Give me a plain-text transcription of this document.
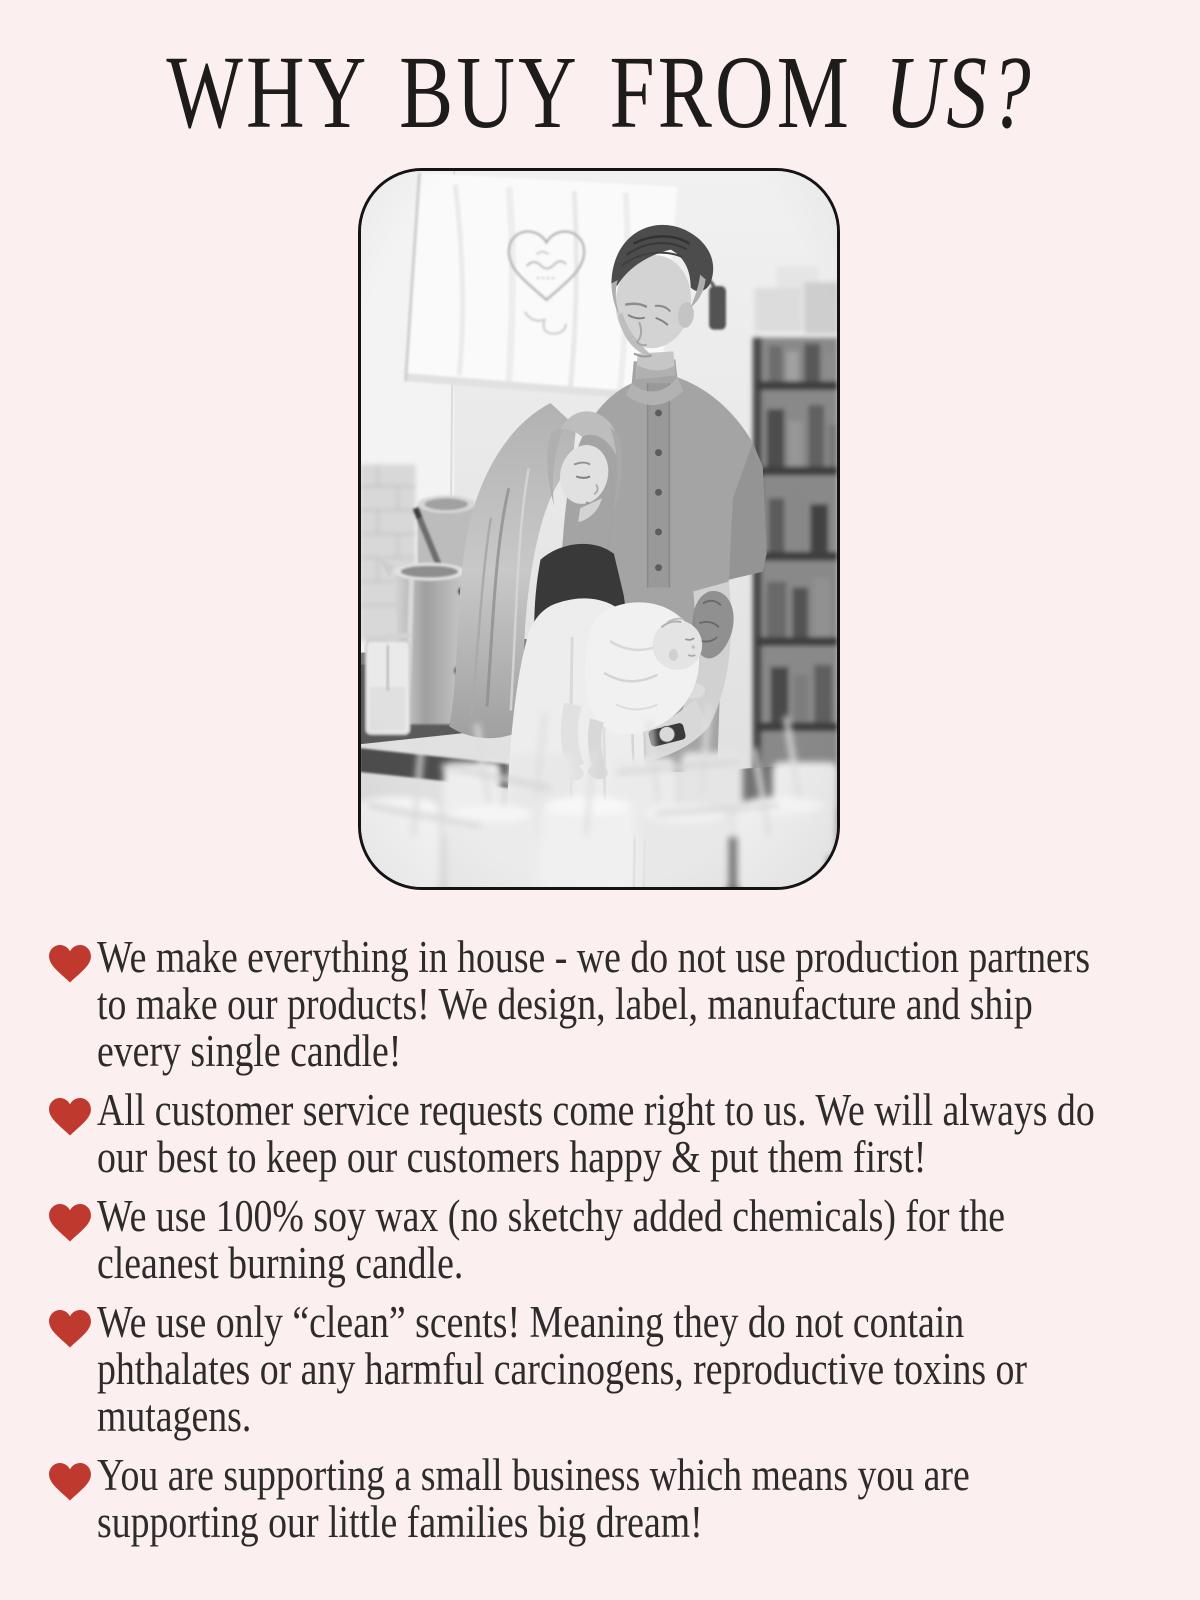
WHY BUY FROM US?
We make everything in house - we do not use production partners
to make our products! We design, label, manufacture and ship
every single candle!
All customer service requests come right to us. We will always do
our best to keep our customers happy & put them first!
We use 100% soy wax (no sketchy added chemicals) for the
cleanest burning candle.
We use only “clean” scents! Meaning they do not contain
phthalates or any harmful carcinogens, reproductive toxins or
mutagens.
You are supporting a small business which means you are
supporting our little families big dream!
